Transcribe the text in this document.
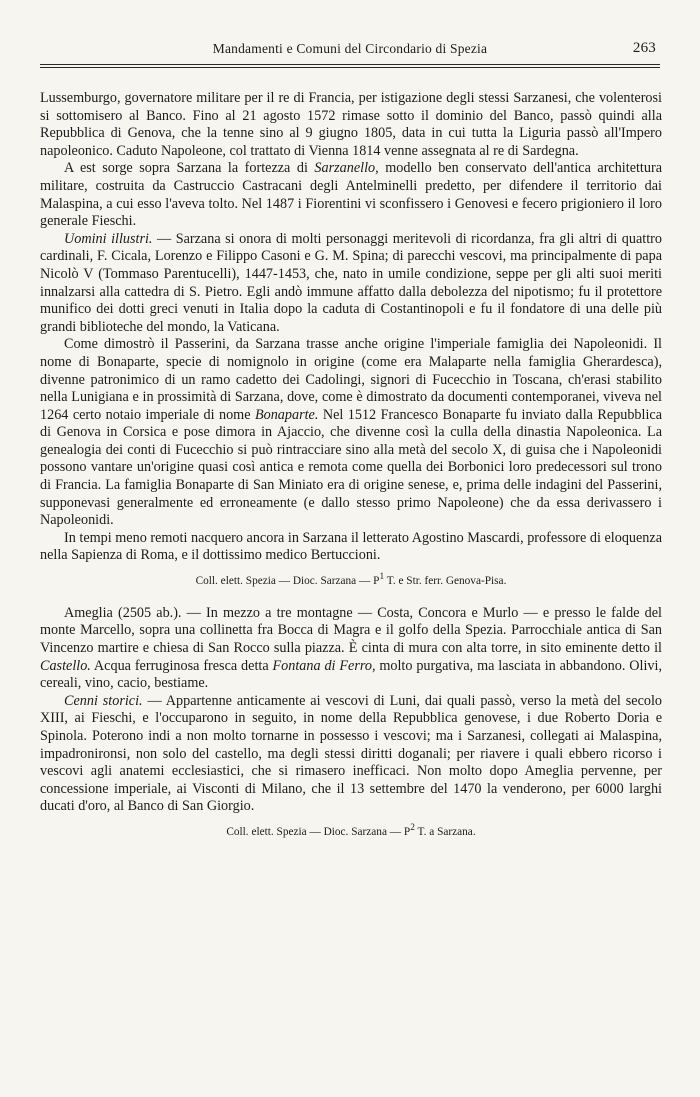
Mandamenti e Comuni del Circondario di Spezia	263

Lussemburgo, governatore militare per il re di Francia, per istigazione degli stessi Sarzanesi, che volenterosi si sottomisero al Banco. Fino al 21 agosto 1572 rimase sotto il dominio del Banco, passò quindi alla Repubblica di Genova, che la tenne sino al 9 giugno 1805, data in cui tutta la Liguria passò all'Impero napoleonico. Caduto Napoleone, col trattato di Vienna 1814 venne assegnata al re di Sardegna.

A est sorge sopra Sarzana la fortezza di Sarzanello, modello ben conservato dell'antica architettura militare, costruita da Castruccio Castracani degli Antelminelli predetto, per difendere il territorio dai Malaspina, a cui esso l'aveva tolto. Nel 1487 i Fiorentini vi sconfissero i Genovesi e fecero prigioniero il loro generale Fieschi.

Uomini illustri. — Sarzana si onora di molti personaggi meritevoli di ricordanza, fra gli altri di quattro cardinali, F. Cicala, Lorenzo e Filippo Casoni e G. M. Spina; di parecchi vescovi, ma principalmente di papa Nicolò V (Tommaso Parentucelli), 1447-1453, che, nato in umile condizione, seppe per gli alti suoi meriti innalzarsi alla cattedra di S. Pietro. Egli andò immune affatto dalla debolezza del nipotismo; fu il protettore munifico dei dotti greci venuti in Italia dopo la caduta di Costantinopoli e fu il fondatore di una delle più grandi biblioteche del mondo, la Vaticana.

Come dimostrò il Passerini, da Sarzana trasse anche origine l'imperiale famiglia dei Napoleonidi. Il nome di Bonaparte, specie di nomignolo in origine (come era Malaparte nella famiglia Gherardesca), divenne patronimico di un ramo cadetto dei Cadolingi, signori di Fucecchio in Toscana, ch'erasi stabilito nella Lunigiana e in prossimità di Sarzana, dove, come è dimostrato da documenti contemporanei, viveva nel 1264 certo notaio imperiale di nome Bonaparte. Nel 1512 Francesco Bonaparte fu inviato dalla Repubblica di Genova in Corsica e pose dimora in Ajaccio, che divenne così la culla della dinastia Napoleonica. La genealogia dei conti di Fucecchio si può rintracciare sino alla metà del secolo X, di guisa che i Napoleonidi possono vantare un'origine quasi così antica e remota come quella dei Borbonici loro predecessori sul trono di Francia. La famiglia Bonaparte di San Miniato era di origine senese, e, prima delle indagini del Passerini, supponevasi generalmente ed erroneamente (e dallo stesso primo Napoleone) che da essa derivassero i Napoleonidi.

In tempi meno remoti nacquero ancora in Sarzana il letterato Agostino Mascardi, professore di eloquenza nella Sapienza di Roma, e il dottissimo medico Bertuccioni.

Coll. elett. Spezia — Dioc. Sarzana — $P^1$ T. e Str. ferr. Genova-Pisa.

Ameglia (2505 ab.). — In mezzo a tre montagne — Costa, Concora e Murlo — e presso le falde del monte Marcello, sopra una collinetta fra Bocca di Magra e il golfo della Spezia. Parrocchiale antica di San Vincenzo martire e chiesa di San Rocco sulla piazza. È cinta di mura con alta torre, in sito eminente detto il Castello. Acqua ferruginosa fresca detta Fontana di Ferro, molto purgativa, ma lasciata in abbandono. Olivi, cereali, vino, cacio, bestiame.

Cenni storici. — Appartenne anticamente ai vescovi di Luni, dai quali passò, verso la metà del secolo XIII, ai Fieschi, e l'occuparono in seguito, in nome della Repubblica genovese, i due Roberto Doria e Spinola. Poterono indi a non molto tornarne in possesso i vescovi; ma i Sarzanesi, collegati ai Malaspina, impadronironsi, non solo del castello, ma degli stessi diritti doganali; per riavere i quali ebbero ricorso i vescovi agli anatemi ecclesiastici, che si rimasero inefficaci. Non molto dopo Ameglia pervenne, per concessione imperiale, ai Visconti di Milano, che il 13 settembre del 1470 la venderono, per 6000 larghi ducati d'oro, al Banco di San Giorgio.

Coll. elett. Spezia — Dioc. Sarzana — $P^2$ T. a Sarzana.
